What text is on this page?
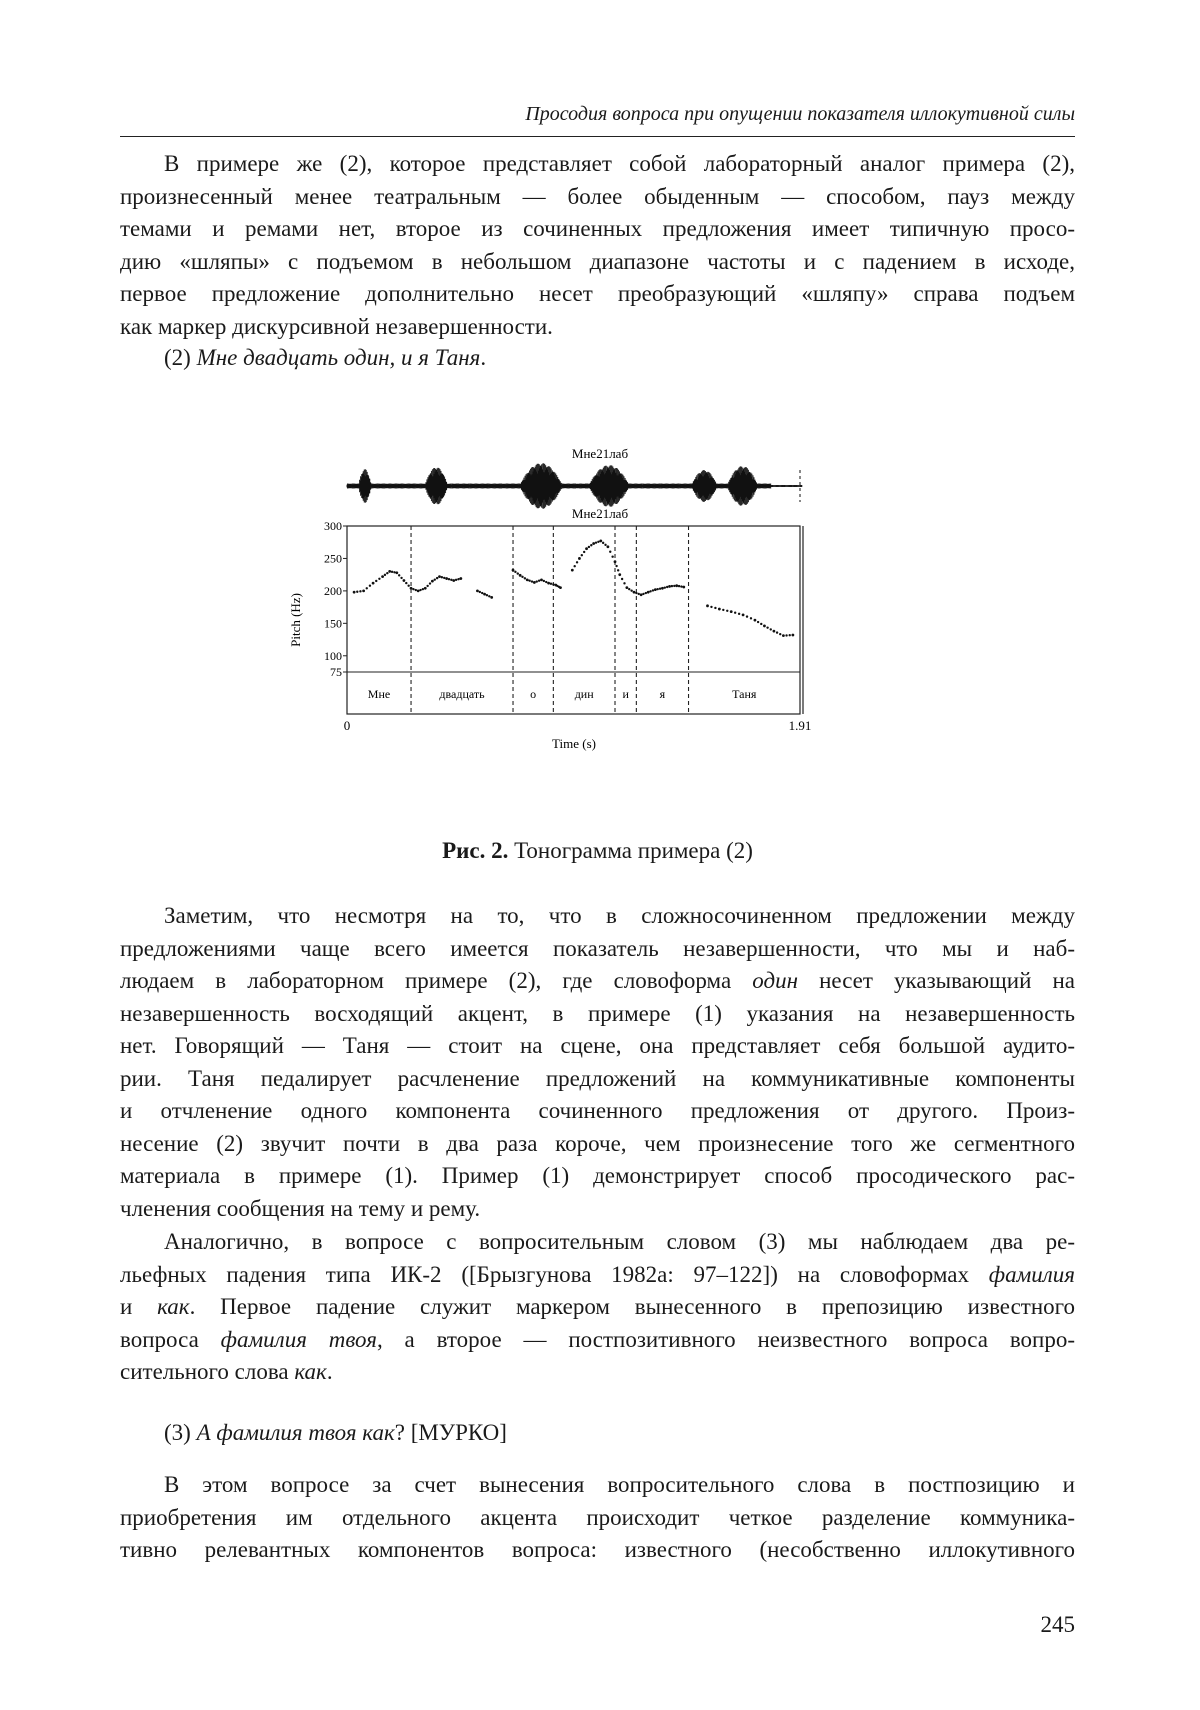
Просодия вопроса при опущении показателя иллокутивной силы
В примере же (2), которое представляет собой лабораторный аналог примера (2),
произнесенный менее театральным — более обыденным — способом, пауз между
темами и ремами нет, второе из сочиненных предложения имеет типичную просо-
дию «шляпы» с подъемом в небольшом диапазоне частоты и с падением в исходе,
первое предложение дополнительно несет преобразующий «шляпу» справа подъем
как маркер дискурсивной незавершенности.
(2) Мне двадцать один, и я Таня.
Мне21лаб
Мне21лаб
75
100
150
200
250
300
Мне	двадцать	о	дин и	я	Таня
Pitch (Hz)
0	1.91
Time (s)
Рис. 2. Тонограмма примера (2)
Заметим, что несмотря на то, что в сложносочиненном предложении между
предложениями чаще всего имеется показатель незавершенности, что мы и наб-
людаем в лабораторном примере (2), где словоформа один несет указывающий на
незавершенность восходящий акцент, в примере (1) указания на незавершенность
нет. Говорящий — Таня — стоит на сцене, она представляет себя большой аудито-
рии. Таня педалирует расчленение предложений на коммуникативные компоненты
и отчленение одного компонента сочиненного предложения от другого. Произ-
несение (2) звучит почти в два раза короче, чем произнесение того же сегментного
материала в примере (1). Пример (1) демонстрирует способ просодического рас-
членения сообщения на тему и рему.
Аналогично, в вопросе с вопросительным словом (3) мы наблюдаем два ре-
льефных падения типа ИК-2 ([Брызгунова 1982а: 97–122]) на словоформах фамилия
и как. Первое падение служит маркером вынесенного в препозицию известного
вопроса фамилия твоя, а второе — постпозитивного неизвестного вопроса вопро-
сительного слова как.
(3) А фамилия твоя как? [МУРКО]
В этом вопросе за счет вынесения вопросительного слова в постпозицию и
приобретения им отдельного акцента происходит четкое разделение коммуника-
тивно релевантных компонентов вопроса: известного (несобственно иллокутивного
245
